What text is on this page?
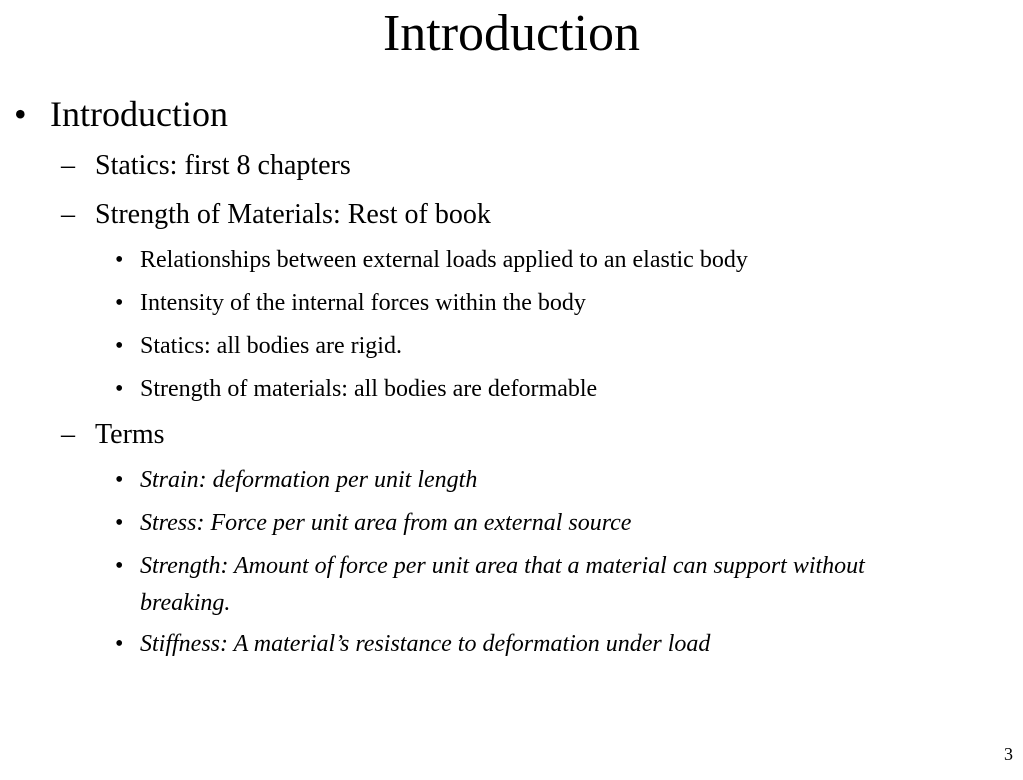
Introduction
• Introduction
– Statics: first 8 chapters
– Strength of Materials: Rest of book
• Relationships between external loads applied to an elastic body
• Intensity of the internal forces within the body
• Statics: all bodies are rigid.
• Strength of materials: all bodies are deformable
– Terms
• Strain: deformation per unit length
• Stress: Force per unit area from an external source
• Strength: Amount of force per unit area that a material can support without breaking.
• Stiffness: A material’s resistance to deformation under load
3
